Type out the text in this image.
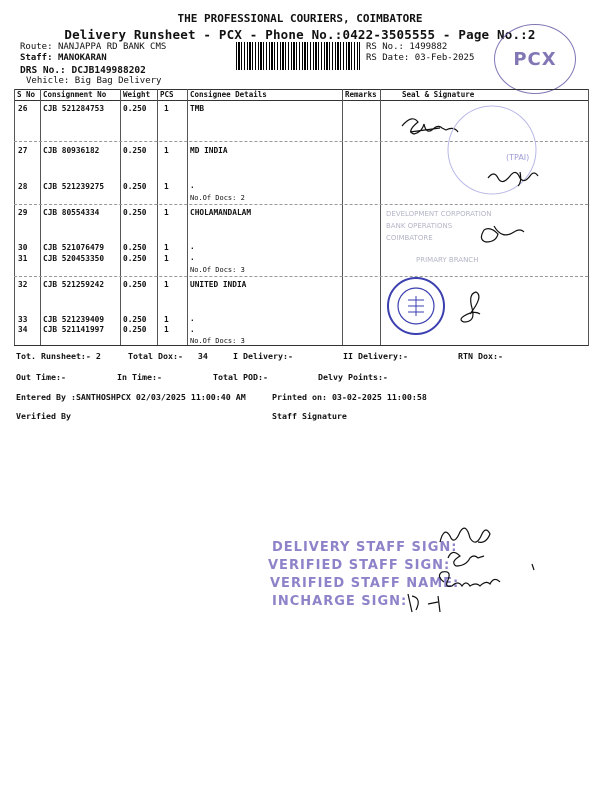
THE PROFESSIONAL COURIERS, COIMBATORE
Delivery Runsheet - PCX - Phone No.:0422-3505555 - Page No.:2
Route: NANJAPPA RD BANK CMS
Staff: MANOKARAN
DRS No.: DCJB149988202
Vehicle: Big Bag Delivery
RS No.: 1499882
RS Date: 03-Feb-2025 PCX
S No Consignment No Weight PCS Consignee Details	Remarks	Seal & Signature
26 CJB 521284753 0.250 1	TMB
27 CJB 80936182	0.250 1	MD INDIA
28 CJB 521239275 0.250 1	.
No.Of Docs: 2
29 CJB 80554334	0.250 1	CHOLAMANDALAM
30 CJB 521076479 0.250 1	.
31 CJB 520453350 0.250 1	.
No.Of Docs: 3
32 CJB 521259242 0.250 1	UNITED INDIA
33 CJB 521239409 0.250 1	.
34 CJB 521141997 0.250 1	.
No.Of Docs: 3
(TPAI)
DEVELOPMENT CORPORATION
BANK OPERATIONS
COIMBATORE
PRIMARY BRANCH
Tot. Runsheet:- 2	Total Dox:-   34	I Delivery:-	II Delivery:-	RTN Dox:-
Out Time:-	In Time:-	Total POD:-	Delvy Points:-
Entered By :SANTHOSHPCX 02/03/2025 11:00:40 AM	Printed on: 03-02-2025 11:00:58
Verified By	Staff Signature
DELIVERY STAFF SIGN:
VERIFIED STAFF SIGN:
VERIFIED STAFF NAME:
INCHARGE SIGN:
